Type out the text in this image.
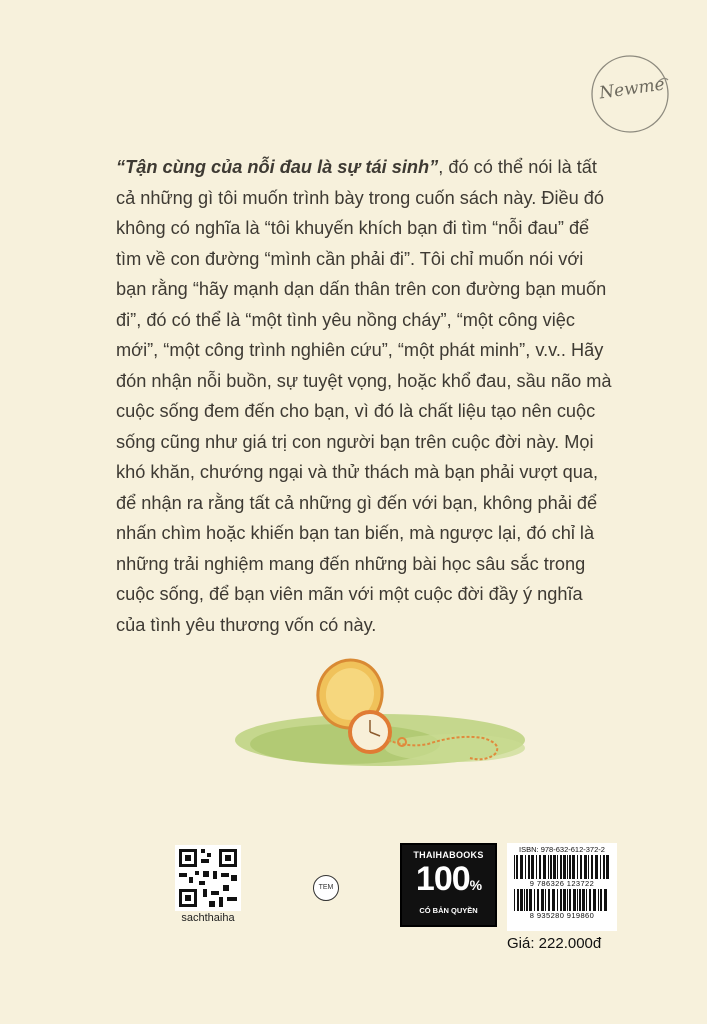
Newme

“Tận cùng của nỗi đau là sự tái sinh”, đó có thể nói là tất cả những gì tôi muốn trình bày trong cuốn sách này. Điều đó không có nghĩa là “tôi khuyến khích bạn đi tìm “nỗi đau” để tìm về con đường “mình cần phải đi”. Tôi chỉ muốn nói với bạn rằng “hãy mạnh dạn dấn thân trên con đường bạn muốn đi”, đó có thể là “một tình yêu nồng cháy”, “một công việc mới”, “một công trình nghiên cứu”, “một phát minh”, v.v.. Hãy đón nhận nỗi buồn, sự tuyệt vọng, hoặc khổ đau, sầu não mà cuộc sống đem đến cho bạn, vì đó là chất liệu tạo nên cuộc sống cũng như giá trị con người bạn trên cuộc đời này. Mọi khó khăn, chướng ngại và thử thách mà bạn phải vượt qua, để nhận ra rằng tất cả những gì đến với bạn, không phải để nhấn chìm hoặc khiến bạn tan biến, mà ngược lại, đó chỉ là những trải nghiệm mang đến những bài học sâu sắc trong cuộc sống, để bạn viên mãn với một cuộc đời đầy ý nghĩa của tình yêu thương vốn có này.

sachthaiha
TEM
THAIHABOOKS
100%
CÓ BẢN QUYỀN
ISBN: 978-632-612-372-2
9 786326 123722
8 935280 919860
Giá: 222.000đ
